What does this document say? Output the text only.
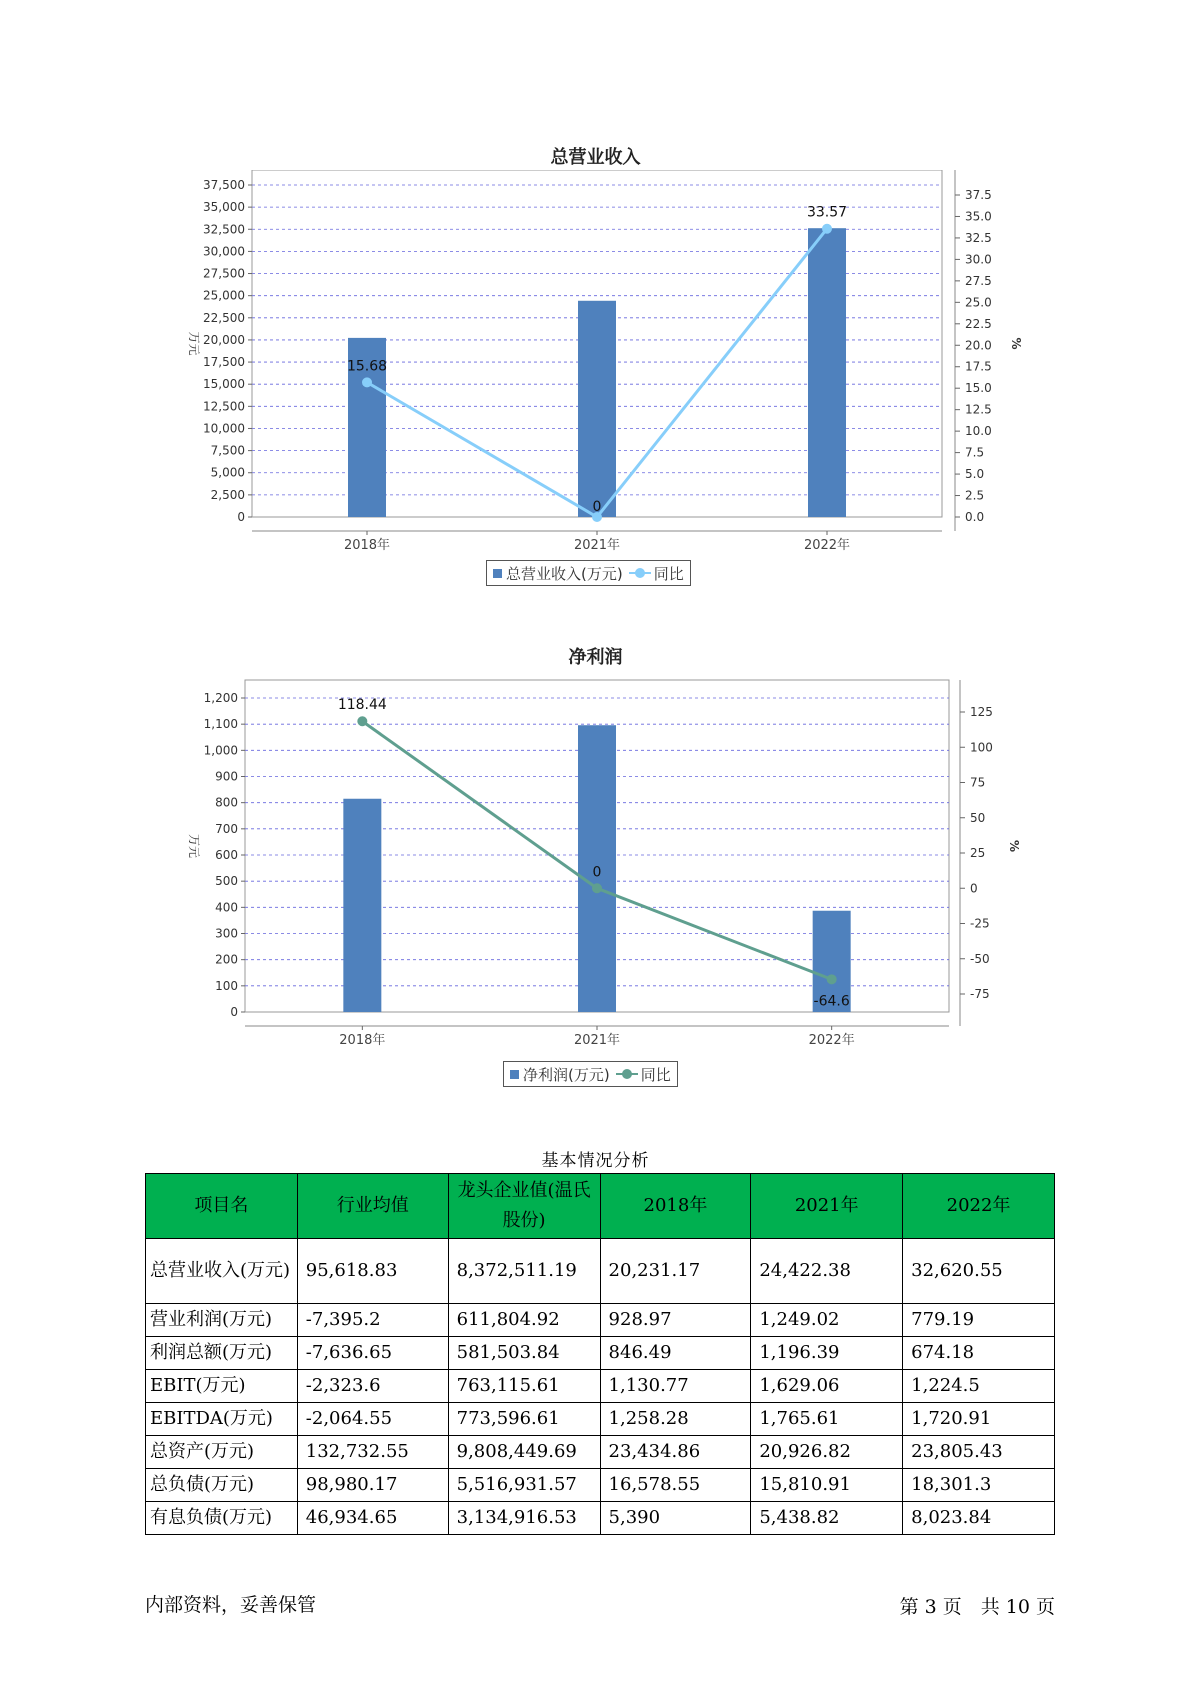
总营业收入
0
2,500
5,000
7,500
10,000
12,500
15,000
17,500
20,000
22,500
25,000
27,500
30,000
32,500
35,000
37,500
万元
0.0
2.5
5.0
7.5
10.0
12.5
15.0
17.5
20.0
22.5
25.0
27.5
30.0
32.5
35.0
37.5
%
2018年	2021年	2022年
15.68
0
33.57
总营业收入(万元) 同比
净利润
0
100
200
300
400
500
600
700
800
900
1,000
1,100
1,200
万元
-75
-50
-25
0
25
50
75
100
125
%
2018年	2021年	2022年
118.44
0
-64.6
净利润(万元) 同比
基本情况分析
项目名	行业均值	龙头企业值(温氏股份)	2018年	2021年	2022年
总营业收入(万元)	95,618.83	8,372,511.19	20,231.17	24,422.38	32,620.55
营业利润(万元)	-7,395.2	611,804.92	928.97	1,249.02	779.19
利润总额(万元)	-7,636.65	581,503.84	846.49	1,196.39	674.18
EBIT(万元)	-2,323.6	763,115.61	1,130.77	1,629.06	1,224.5
EBITDA(万元)	-2,064.55	773,596.61	1,258.28	1,765.61	1,720.91
总资产(万元)	132,732.55	9,808,449.69	23,434.86	20,926.82	23,805.43
总负债(万元)	98,980.17	5,516,931.57	16,578.55	15,810.91	18,301.3
有息负债(万元)	46,934.65	3,134,916.53	5,390	5,438.82	8,023.84
内部资料，妥善保管	第 3 页　共 10 页
